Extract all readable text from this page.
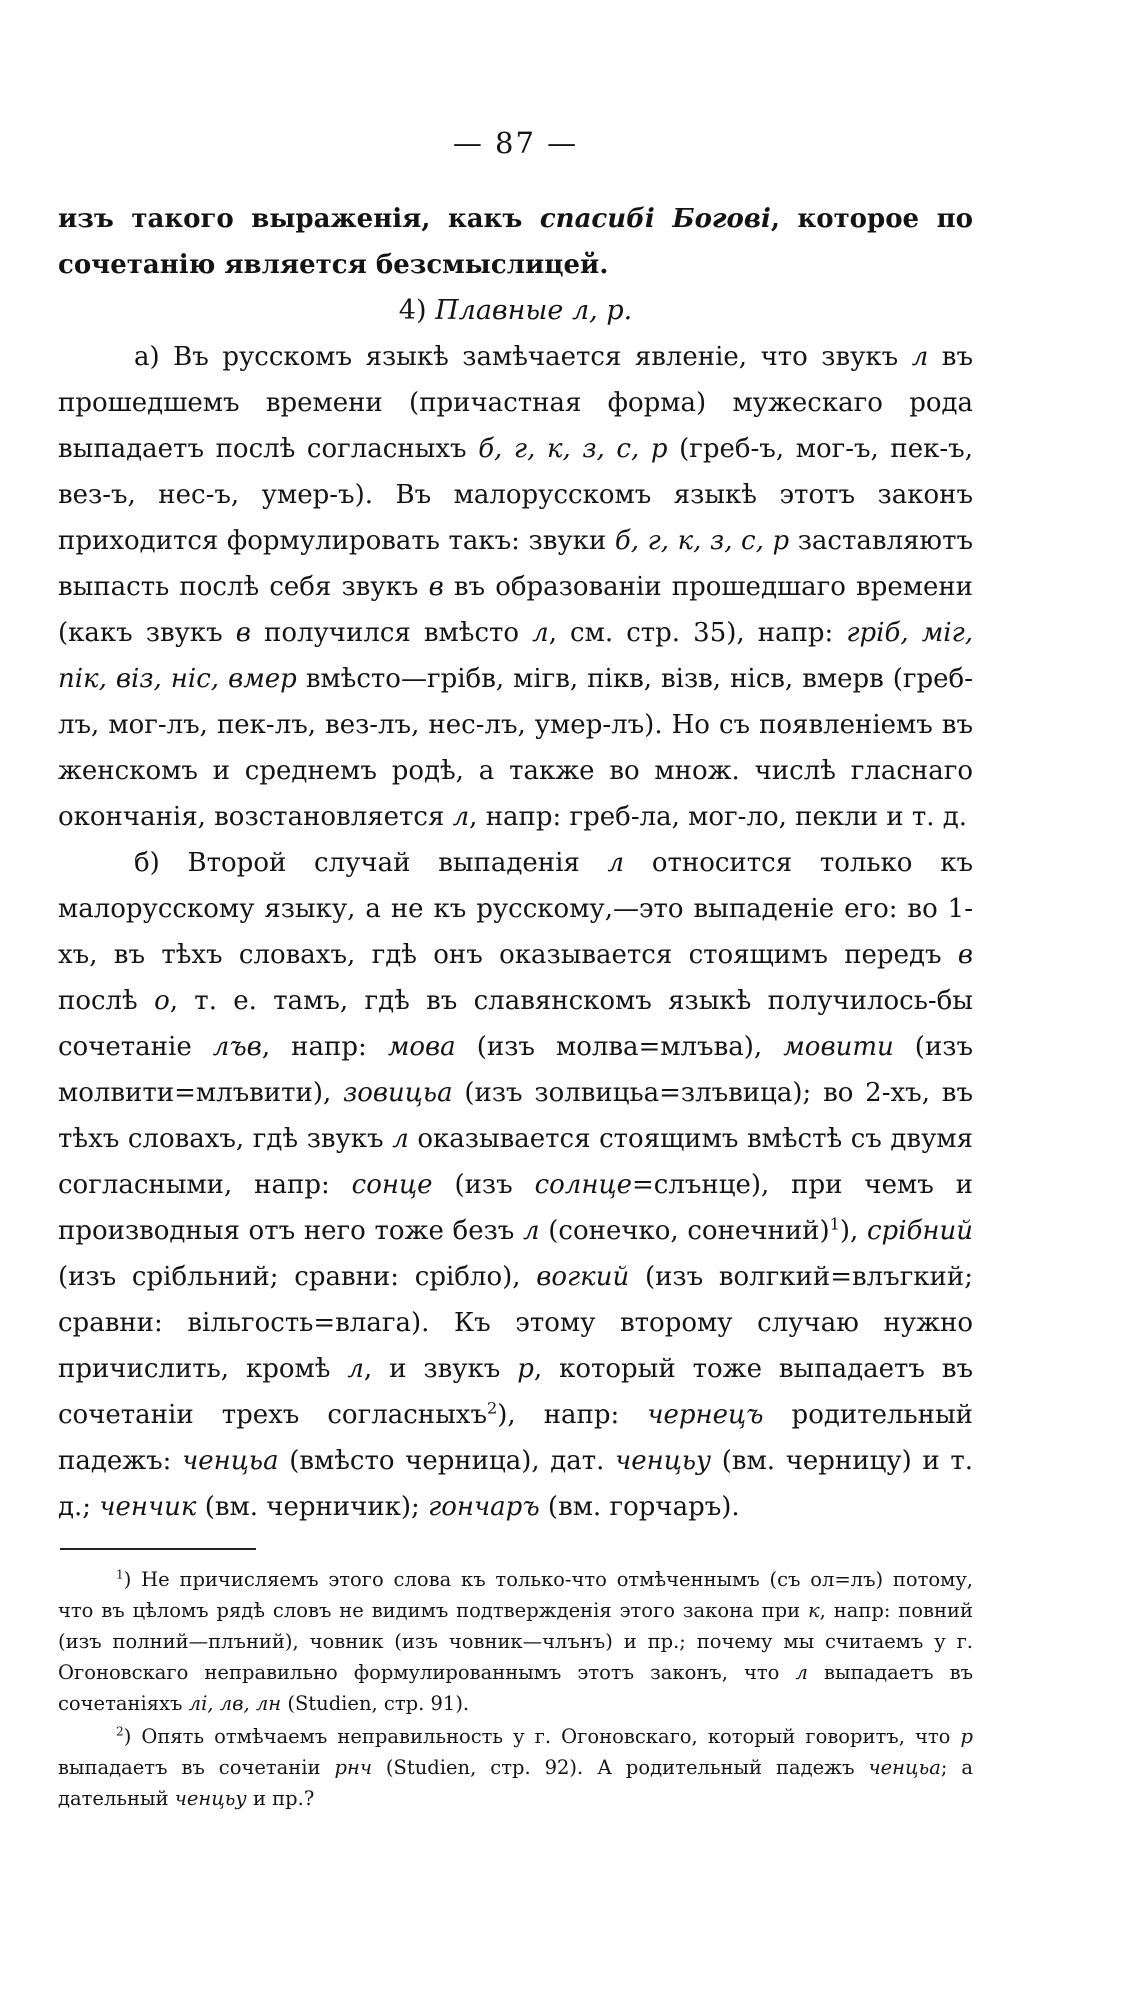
— 87 —

изъ такого выраженія, какъ спасибі Богові, которое по сочетанію является безсмыслицей.

4) Плавные л, р.

а) Въ русскомъ языкѣ замѣчается явленіе, что звукъ л въ прошедшемъ времени (причастная форма) мужескаго рода выпадаетъ послѣ согласныхъ б, г, к, з, с, р (греб-ъ, мог-ъ, пек-ъ, вез-ъ, нес-ъ, умер-ъ). Въ малорусскомъ языкѣ этотъ законъ приходится формулировать такъ: звуки б, г, к, з, с, р заставляютъ выпасть послѣ себя звукъ в въ образованіи прошедшаго времени (какъ звукъ в получился вмѣсто л, см. стр. 35), напр: гріб, міг, пік, віз, ніс, вмер вмѣсто—грібв, мігв, пікв, візв, нісв, вмерв (греб-лъ, мог-лъ, пек-лъ, вез-лъ, нес-лъ, умер-лъ). Но съ появленіемъ въ женскомъ и среднемъ родѣ, а также во множ. числѣ гласнаго окончанія, возстановляется л, напр: греб-ла, мог-ло, пекли и т. д.

б) Второй случай выпаденія л относится только къ малорусскому языку, а не къ русскому,—это выпаденіе его: во 1-хъ, въ тѣхъ словахъ, гдѣ онъ оказывается стоящимъ передъ в послѣ о, т. е. тамъ, гдѣ въ славянскомъ языкѣ получилось-бы сочетаніе лъв, напр: мова (изъ молва=млъва), мовити (изъ молвити=млъвити), зовицьа (изъ золвицьа=злъвица); во 2-хъ, въ тѣхъ словахъ, гдѣ звукъ л оказывается стоящимъ вмѣстѣ съ двумя согласными, напр: сонце (изъ солнце=слънце), при чемъ и производныя отъ него тоже безъ л (сонечко, сонечний)$^1$), срібний (изъ срібльний; сравни: срібло), вогкий (изъ волгкий=влъгкий; сравни: вільгость=влага). Къ этому второму случаю нужно причислить, кромѣ л, и звукъ р, который тоже выпадаетъ въ сочетаніи трехъ согласныхъ$^2$), напр: чернецъ родительный падежъ: ченцьа (вмѣсто черница), дат. ченцьу (вм. черницу) и т. д.; ченчик (вм. черничик); гончаръ (вм. горчаръ).

$^1$) Не причисляемъ этого слова къ только-что отмѣченнымъ (съ ол=лъ) потому, что въ цѣломъ рядѣ словъ не видимъ подтвержденія этого закона при к, напр: повний (изъ полний—плъний), човник (изъ човник—члънъ) и пр.; почему мы считаемъ у г. Огоновскаго неправильно формулированнымъ этотъ законъ, что л выпадаетъ въ сочетаніяхъ лі, лв, лн (Studien, стр. 91).

$^2$) Опять отмѣчаемъ неправильность у г. Огоновскаго, который говоритъ, что р выпадаетъ въ сочетаніи рнч (Studien, стр. 92). А родительный падежъ ченцьа; а дательный ченцьу и пр.?
